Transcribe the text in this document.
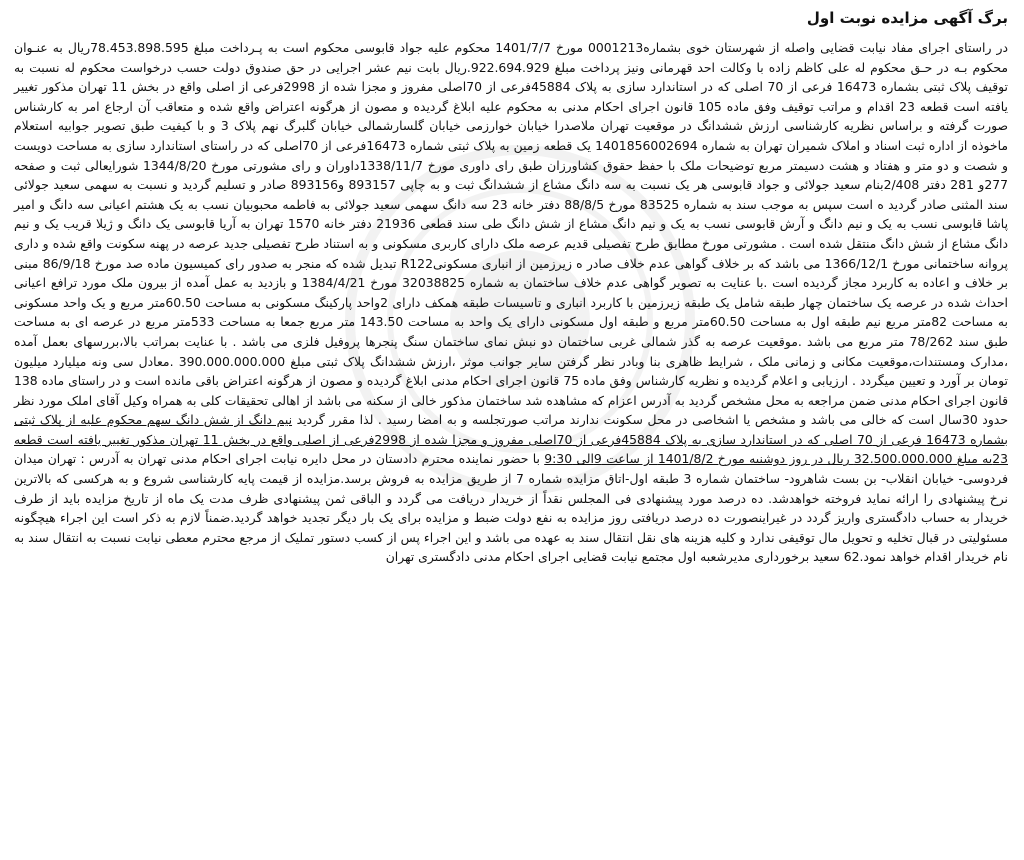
برگ آگهی مزایده نوبت اول

در راستای اجرای مفاد نیابت قضایی واصله از شهرستان خوی بشماره0001213 مورخ 1401/7/7 محکوم علیه جواد قابوسی محکوم است به پـرداخت مبلغ 78.453.898.595ریال به عنـوان محکوم بـه در حـق محکوم له علی کاظم زاده با وکالت احد قهرمانی ونیز پرداخت مبلغ 922.694.929.ریال بابت نیم عشر اجرایی در حق صندوق دولت حسب درخواست محکوم له نسبت به توقیف پلاک ثبتی بشماره 16473 فرعی از 70 اصلی که در استاندارد سازی به پلاک 45884فرعی از 70اصلی مفروز و مجزا شده از 2998فرعی از اصلی واقع در بخش 11 تهران مذکور تغییر یافته است قطعه 23 اقدام و مراتب توقیف وفق ماده 105 قانون اجرای احکام مدنی به محکوم علیه ابلاغ گردیده و مصون از هرگونه اعتراض واقع شده و متعاقب آن ارجاع امر به کارشناس صورت گرفته و براساس نظریه کارشناسی ارزش ششدانگ در موقعیت تهران ملاصدرا خیابان خوارزمی خیابان گلسارشمالی خیابان گلبرگ نهم پلاک 3 و با کیفیت طبق تصویر جوابیه استعلام ماخوذه از اداره ثبت اسناد و املاک شمیران تهران به شماره 1401856002694 یک قطعه زمین به پلاک ثبتی شماره 16473فرعی از 70اصلی که در راستای استاندارد سازی به مساحت دویست و شصت و دو متر و هفتاد و هشت دسیمتر مربع توضیحات ملک با حفظ حقوق کشاورزان طبق رای داوری مورخ 1338/11/7داوران و رای مشورتی مورخ 1344/8/20 شورایعالی ثبت و صفحه 277و 281 دفتر 2/408بنام سعید جولائی و جواد قابوسی هر یک نسبت به سه دانگ مشاع از ششدانگ ثبت و به چاپی 893157 و893156 صادر و تسلیم گردید و نسبت به سهمی سعید جولائی سند المثنی صادر گردید ه است سپس به موجب سند به شماره 83525 مورخ 88/8/5 دفتر خانه 23 سه دانگ سهمی سعید جولائی به فاطمه محبوبیان نسب به یک هشتم اعیانی سه دانگ و امیر پاشا قابوسی نسب به یک و نیم دانگ و آرش قابوسی نسب به یک و نیم دانگ مشاع از شش دانگ طی سند قطعی 21936 دفتر خانه 1570 تهران به آریا قابوسی یک دانگ و ژیلا قریب یک و نیم دانگ مشاع از شش دانگ منتقل شده است . مشورتی مورخ مطابق طرح تفصیلی قدیم عرصه ملک دارای کاربری مسکونی و به استناد طرح تفصیلی جدید عرصه در پهنه سکونت واقع شده و داری پروانه ساختمانی مورخ 1366/12/1 می باشد که بر خلاف گواهی عدم خلاف صادر ه زیرزمین از انباری مسکونیR122 تبدیل شده که منجر به صدور رای کمیسیون ماده صد مورخ 86/9/18 مبنی بر خلاف و اعاده به کاربرد مجاز گردیده است .با عنایت به تصویر گواهی عدم خلاف ساختمان به شماره 32038825 مورخ 1384/4/21 و بازدید به عمل آمده از بیرون ملک مورد ترافع اعیانی احداث شده در عرصه یک ساختمان چهار طبقه شامل یک طبقه زیرزمین با کاربرد انباری و تاسیسات طبقه همکف دارای 2واحد پارکینگ مسکونی به مساحت 60.50متر مربع و یک واحد مسکونی به مساحت 82متر مربع نیم طبقه اول به مساحت 60.50متر مربع و طبقه اول مسکونی دارای یک واحد به مساحت 143.50 متر مربع جمعا به مساحت 533متر مربع در عرصه ای به مساحت طبق سند 78/262 متر مربع می باشد .موقعیت عرصه به گذر شمالی غربی ساختمان دو نبش نمای ساختمان سنگ پنجرها پروفیل فلزی می باشد . با عنایت بمراتب بالا،بررسهای بعمل آمده ،مدارک ومستندات،موقعیت مکانی و زمانی ملک ، شرایط ظاهری بنا وبادر نظر گرفتن سایر جوانب موثر ،ارزش ششدانگ پلاک ثبتی مبلغ 390.000.000.000 .معادل سی ونه میلیارد میلیون تومان بر آورد و تعیین میگردد . ارزیابی و اعلام گردیده و نظریه کارشناس وفق ماده 75 قانون اجرای احکام مدنی ابلاغ گردیده و مصون از هرگونه اعتراض باقی مانده است و در راستای ماده 138 قانون اجرای احکام مدنی ضمن مراجعه به محل مشخص گردید به آدرس اعزام که مشاهده شد ساختمان مذکور خالی از سکنه می باشد از اهالی تحقیقات کلی به همراه وکیل آقای املک مورد نظر حدود 30سال است که خالی می باشد و مشخص یا اشخاصی در محل سکونت ندارند مراتب صورتجلسه و به امضا رسید . لذا مقرر گردید نیم دانگ از شش دانگ سهم محکوم علیه از پلاک ثبتی بشماره 16473 فرعی از 70 اصلی که در استاندارد سازی به پلاک 45884فرعی از 70اصلی مفروز و مجزا شده از 2998فرعی از اصلی واقع در بخش 11 تهران مذکور تغییر یافته است قطعه 23به مبلغ 32.500.000.000 ریال در روز دوشنبه مورخ 1401/8/2 از ساعت 9الی 9:30 با حضور نماینده محترم دادستان در محل دایره نیابت اجرای احکام مدنی تهران به آدرس : تهران میدان فردوسی- خیابان انقلاب- بن بست شاهرود- ساختمان شماره 3 طبقه اول-اتاق مزایده شماره 7 از طریق مزایده به فروش برسد.مزایده از قیمت پایه کارشناسی شروع و به هرکسی که بالاترین نرخ پیشنهادی را ارائه نماید فروخته خواهدشد. ده درصد مورد پیشنهادی فی المجلس نقداً از خریدار دریافت می گردد و الباقی ثمن پیشنهادی ظرف مدت یک ماه از تاریخ مزایده باید از طرف خریدار به حساب دادگستری واریز گردد در غیراینصورت ده درصد دریافتی روز مزایده به نفع دولت ضبط و مزایده برای یک بار دیگر تجدید خواهد گردید.ضمناً لازم به ذکر است این اجراء هیچگونه مسئولیتی در قبال تخلیه و تحویل مال توقیفی ندارد و کلیه هزینه های نقل انتقال سند به عهده می باشد و این اجراء پس از کسب دستور تملیک از مرجع محترم معطی نیابت نسبت به انتقال سند به نام خریدار اقدام خواهد نمود.62 سعید برخورداری مدیرشعبه اول مجتمع نیابت قضایی اجرای احکام مدنی دادگستری تهران
